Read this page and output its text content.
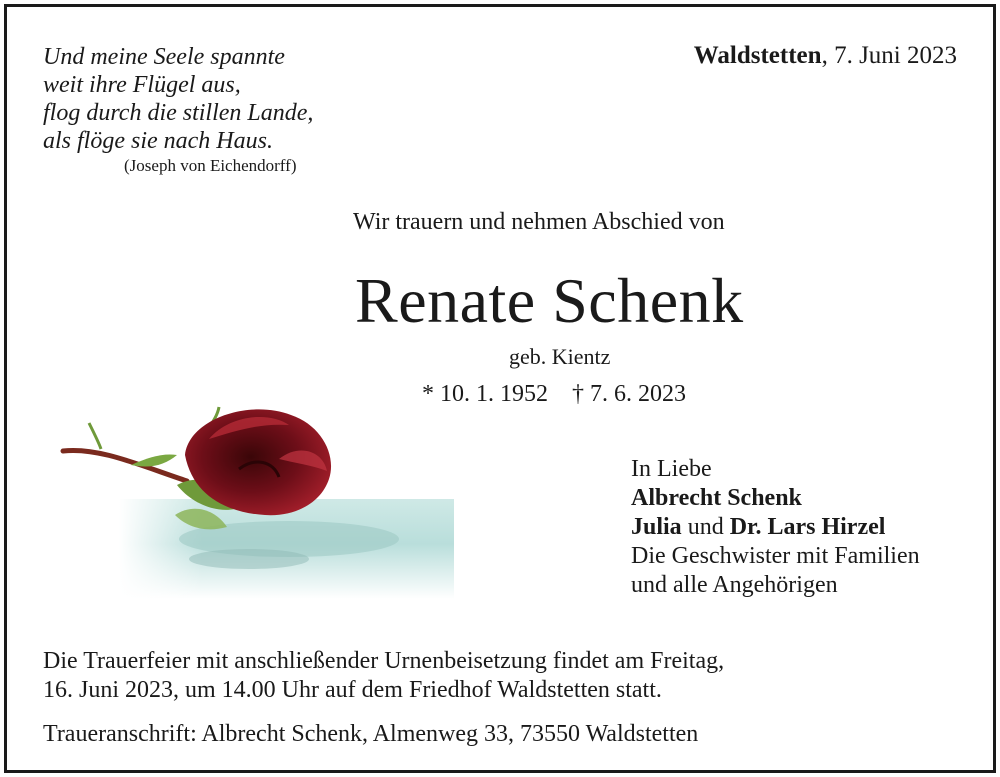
Und meine Seele spannte
weit ihre Flügel aus,
flog durch die stillen Lande,
als flöge sie nach Haus.
(Joseph von Eichendorff)
Waldstetten, 7. Juni 2023
Wir trauern und nehmen Abschied von
Renate Schenk
geb. Kientz
* 10. 1. 1952 † 7. 6. 2023
In Liebe
Albrecht Schenk
Julia und Dr. Lars Hirzel
Die Geschwister mit Familien
und alle Angehörigen
Die Trauerfeier mit anschließender Urnenbeisetzung findet am Freitag,
16. Juni 2023, um 14.00 Uhr auf dem Friedhof Waldstetten statt.
Traueranschrift: Albrecht Schenk, Almenweg 33, 73550 Waldstetten
